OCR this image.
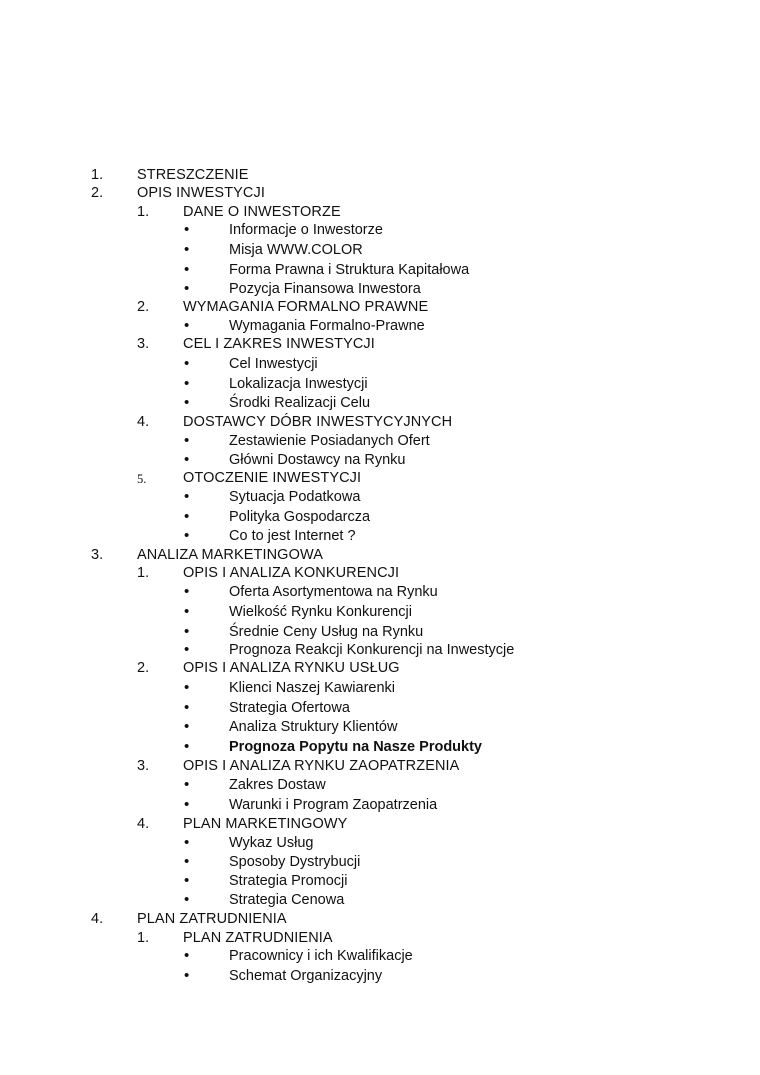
1. STRESZCZENIE
2. OPIS INWESTYCJI
1. DANE O INWESTORZE
•	Informacje o Inwestorze
•	Misja WWW.COLOR
•	Forma Prawna i Struktura Kapitałowa
•	Pozycja Finansowa Inwestora
2. WYMAGANIA FORMALNO PRAWNE
•	Wymagania Formalno-Prawne
3. CEL I ZAKRES INWESTYCJI
•	Cel Inwestycji
•	Lokalizacja Inwestycji
•	Środki Realizacji Celu
4. DOSTAWCY DÓBR INWESTYCYJNYCH
•	Zestawienie Posiadanych Ofert
•	Główni Dostawcy na Rynku
5.	OTOCZENIE INWESTYCJI
•	Sytuacja Podatkowa
•	Polityka Gospodarcza
•	Co to jest Internet ?
3. ANALIZA MARKETINGOWA
1. OPIS I ANALIZA KONKURENCJI
•	Oferta Asortymentowa na Rynku
•	Wielkość Rynku Konkurencji
•	Średnie Ceny Usług na Rynku
•	Prognoza Reakcji Konkurencji na Inwestycje
2. OPIS I ANALIZA RYNKU USŁUG
•	Klienci Naszej Kawiarenki
•	Strategia Ofertowa
•	Analiza Struktury Klientów
•	Prognoza Popytu na Nasze Produkty
3. OPIS I ANALIZA RYNKU ZAOPATRZENIA
•	Zakres Dostaw
•	Warunki i Program Zaopatrzenia
4. PLAN MARKETINGOWY
•	Wykaz Usług
•	Sposoby Dystrybucji
•	Strategia Promocji
•	Strategia Cenowa
4. PLAN ZATRUDNIENIA
1. PLAN ZATRUDNIENIA
•	Pracownicy i ich Kwalifikacje
•	Schemat Organizacyjny
